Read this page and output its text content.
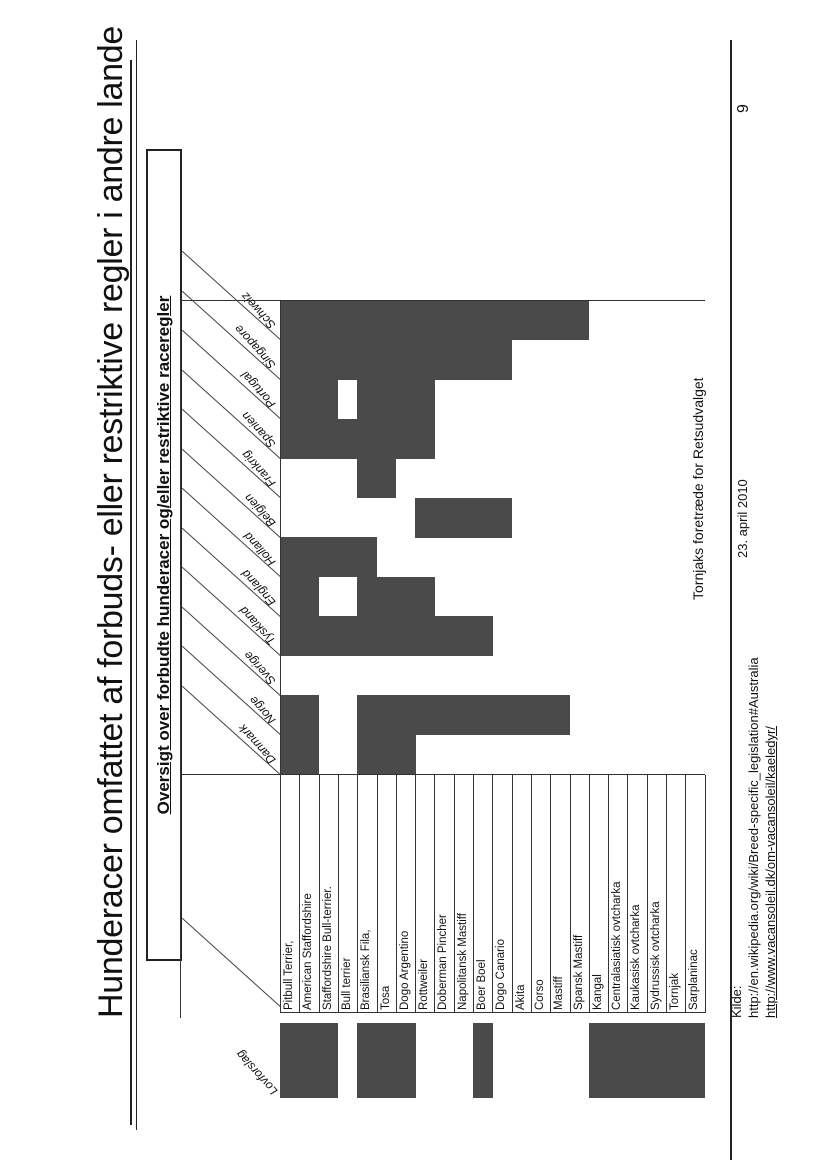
Hunderacer omfattet af forbuds- eller restriktive regler i andre lande Oversigt over forbudte hunderacer og/eller restriktive raceregler	Tornjaks foretræde for Retsudvalget 23. april 2010
Kilde: http://en.wikipedia.org/wiki/Breed-specific_legislation#Australia http://www.vacansoleil.dk/om-vacansoleil/kaeledyr/
9
Lovforslag
Pitbull Terrier, American Staffordshire Staffordshire Bull-terrier. Bull terrier Brasiliansk Fila, Tosa Dogo Argentino Rottweiler Doberman Pincher Napolitansk Mastiff Boer Boel Dogo Canario Akita Corso Mastiff Spansk Mastiff Kangal Centralasiatisk ovtcharka Kaukasisk ovtcharka Sydrussisk ovtcharka Tornjak Sarplaninac
Danmark
Norge
Sverige
Tyskland
England
Holland
Belgien
Frankrig
Spanien
Portugal
Singapore
Schweiz
